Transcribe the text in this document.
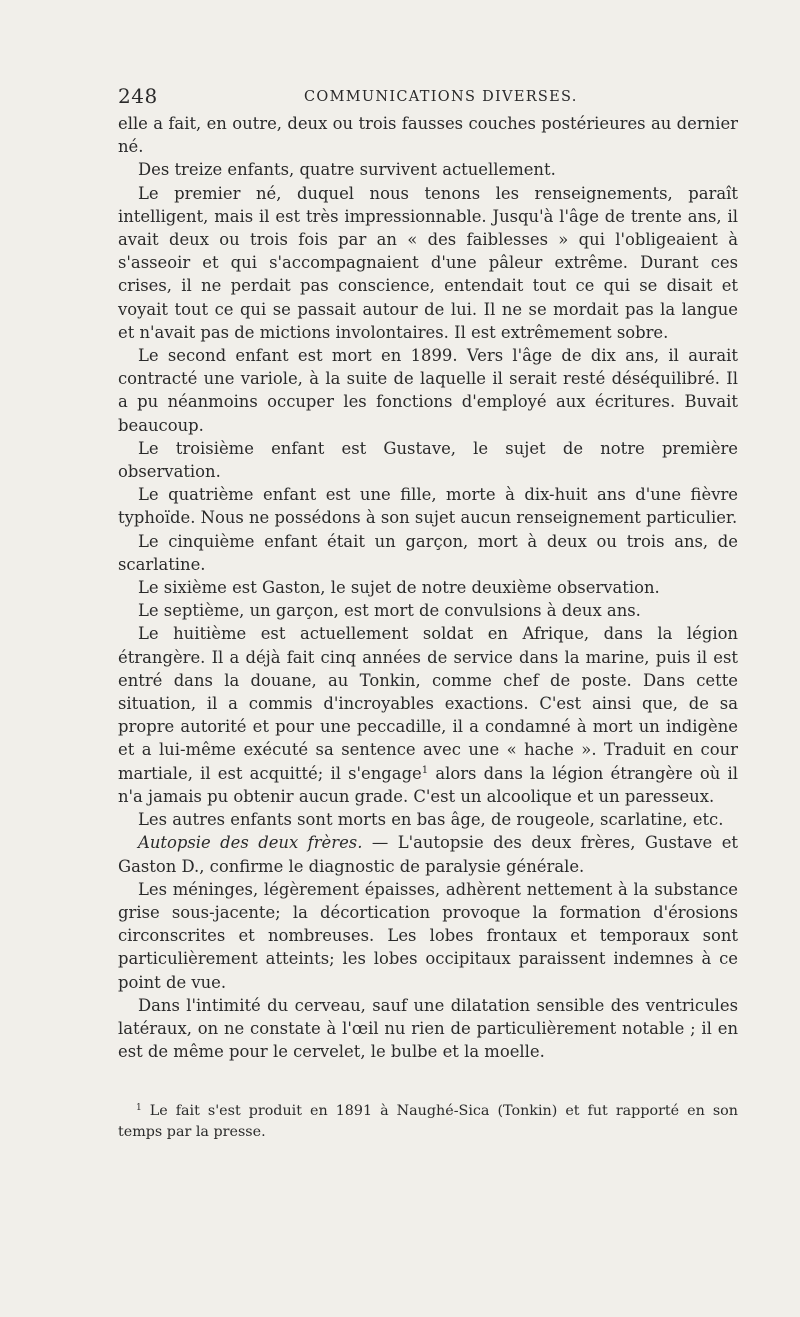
248	COMMUNICATIONS DIVERSES.

elle a fait, en outre, deux ou trois fausses couches postérieures au dernier né.

Des treize enfants, quatre survivent actuellement.

Le premier né, duquel nous tenons les renseignements, paraît intelligent, mais il est très impressionnable. Jusqu'à l'âge de trente ans, il avait deux ou trois fois par an « des faiblesses » qui l'obligeaient à s'asseoir et qui s'accompagnaient d'une pâleur extrême. Durant ces crises, il ne perdait pas conscience, entendait tout ce qui se disait et voyait tout ce qui se passait autour de lui. Il ne se mordait pas la langue et n'avait pas de mictions involontaires. Il est extrêmement sobre.

Le second enfant est mort en 1899. Vers l'âge de dix ans, il aurait contracté une variole, à la suite de laquelle il serait resté déséquilibré. Il a pu néanmoins occuper les fonctions d'employé aux écritures. Buvait beaucoup.

Le troisième enfant est Gustave, le sujet de notre première observation.

Le quatrième enfant est une fille, morte à dix-huit ans d'une fièvre typhoïde. Nous ne possédons à son sujet aucun renseignement particulier.

Le cinquième enfant était un garçon, mort à deux ou trois ans, de scarlatine.

Le sixième est Gaston, le sujet de notre deuxième observation.

Le septième, un garçon, est mort de convulsions à deux ans.

Le huitième est actuellement soldat en Afrique, dans la légion étrangère. Il a déjà fait cinq années de service dans la marine, puis il est entré dans la douane, au Tonkin, comme chef de poste. Dans cette situation, il a commis d'incroyables exactions. C'est ainsi que, de sa propre autorité et pour une peccadille, il a condamné à mort un indigène et a lui-même exécuté sa sentence avec une « hache ». Traduit en cour martiale, il est acquitté; il s'engage$^1$ alors dans la légion étrangère où il n'a jamais pu obtenir aucun grade. C'est un alcoolique et un paresseux.

Les autres enfants sont morts en bas âge, de rougeole, scarlatine, etc.

Autopsie des deux frères. — L'autopsie des deux frères, Gustave et Gaston D., confirme le diagnostic de paralysie générale.

Les méninges, légèrement épaisses, adhèrent nettement à la substance grise sous-jacente; la décortication provoque la formation d'érosions circonscrites et nombreuses. Les lobes frontaux et temporaux sont particulièrement atteints; les lobes occipitaux paraissent indemnes à ce point de vue.

Dans l'intimité du cerveau, sauf une dilatation sensible des ventricules latéraux, on ne constate à l'œil nu rien de particulièrement notable ; il en est de même pour le cervelet, le bulbe et la moelle.

$^1$ Le fait s'est produit en 1891 à Naughé-Sica (Tonkin) et fut rapporté en son temps par la presse.
